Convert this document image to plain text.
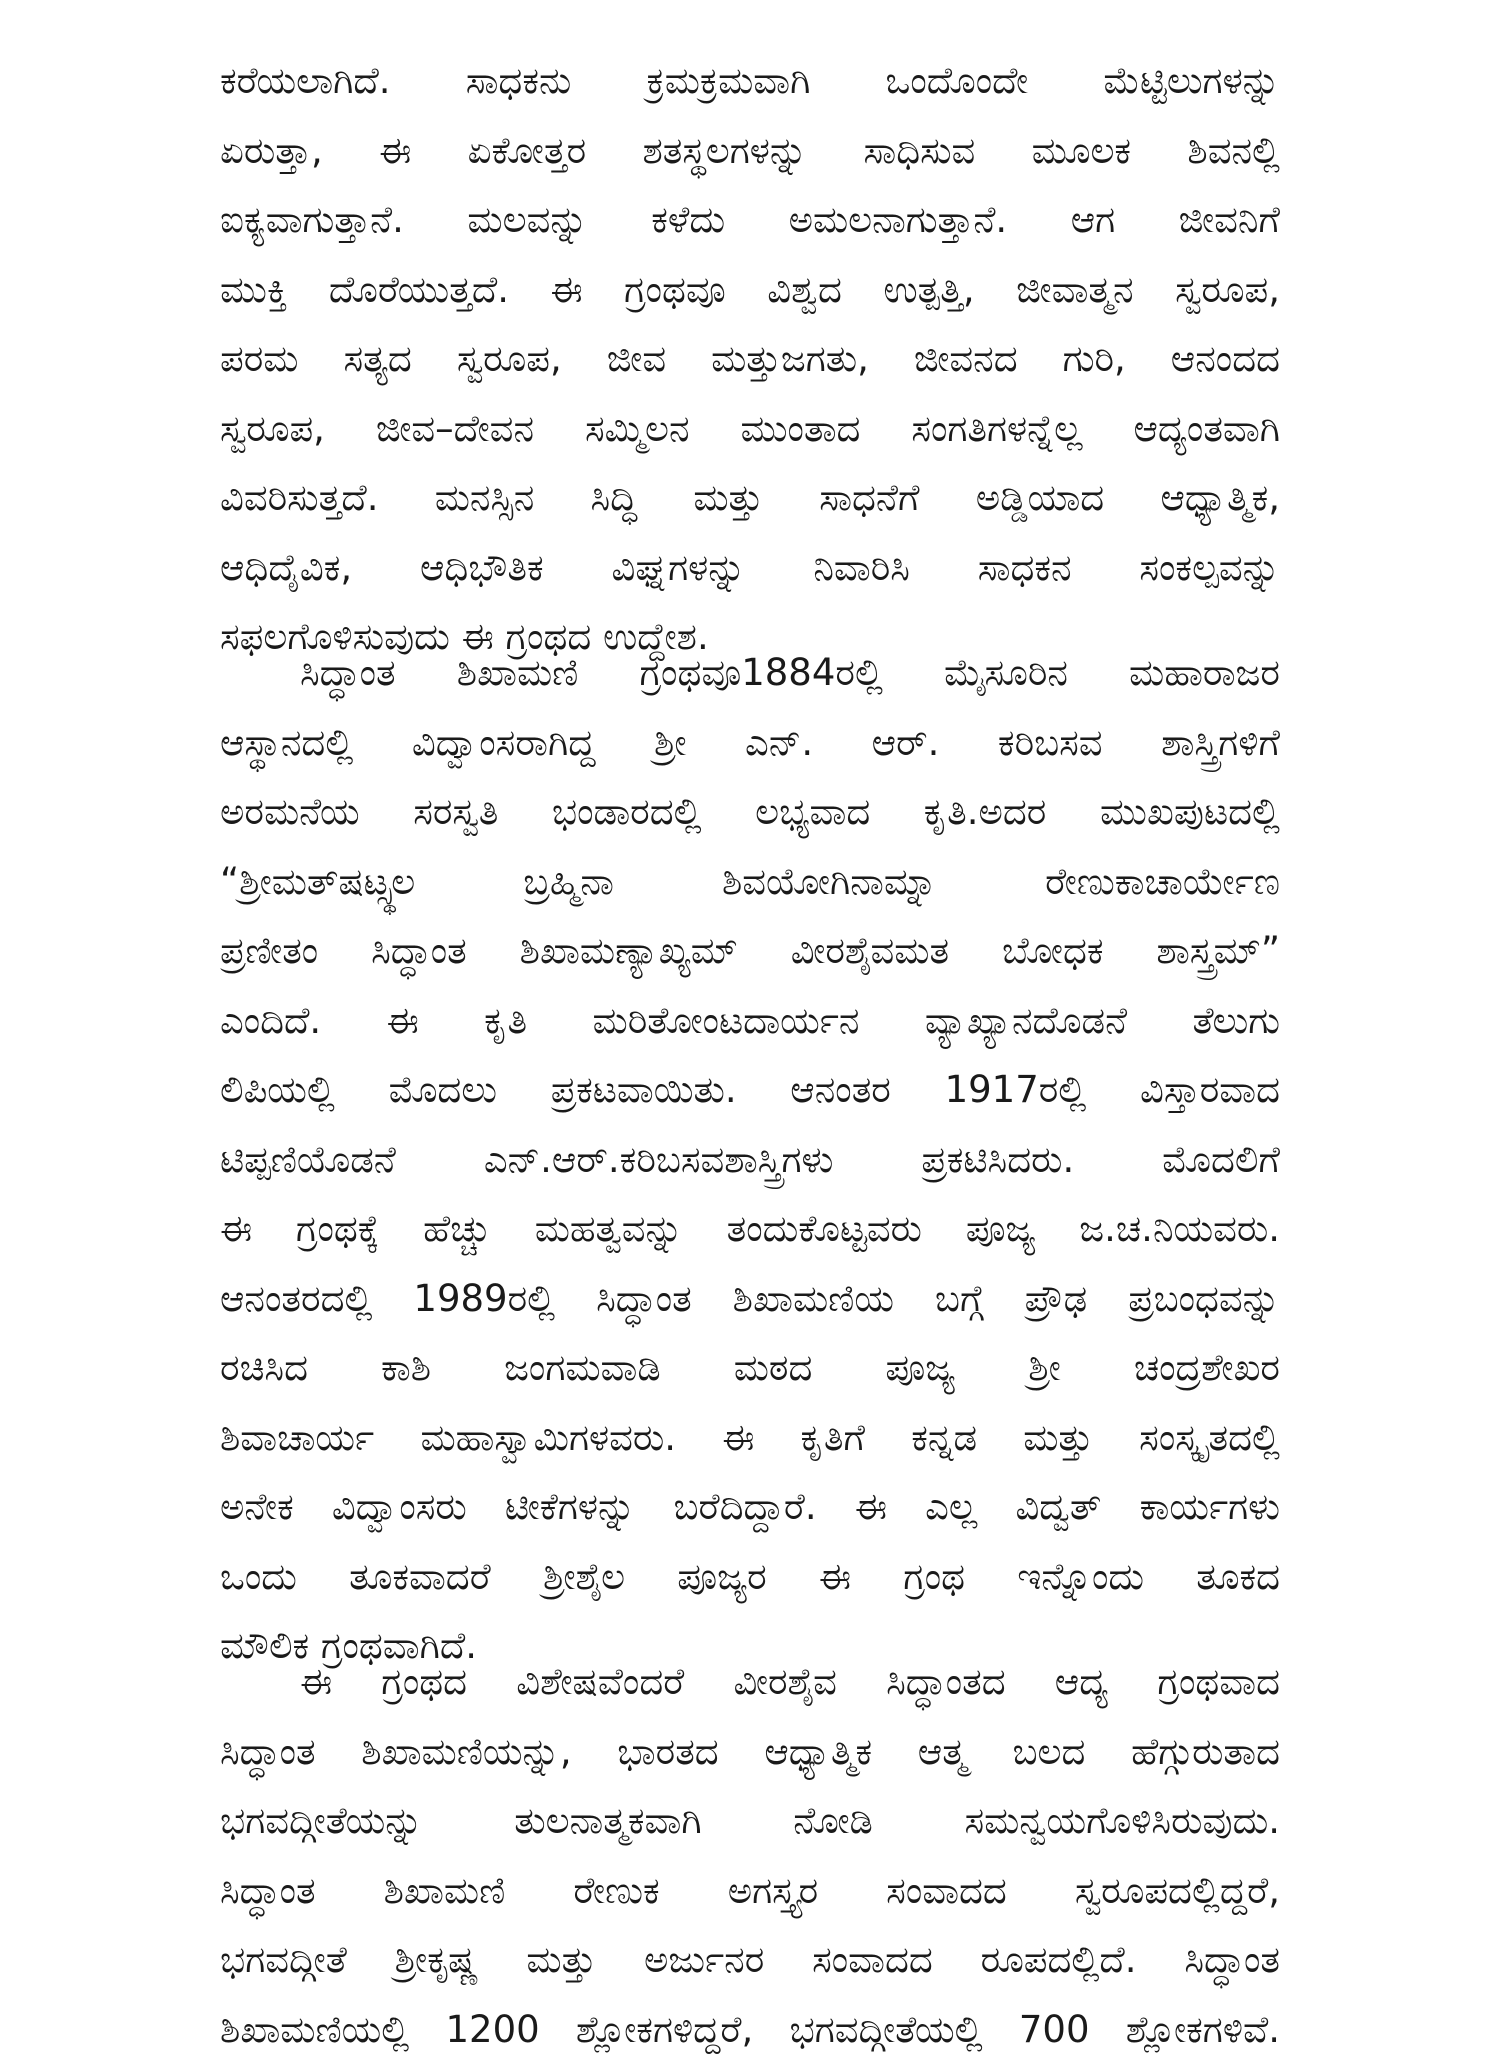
ಕರೆಯಲಾಗಿದೆ. ಸಾಧಕನು ಕ್ರಮಕ್ರಮವಾಗಿ ಒಂದೊಂದೇ ಮೆಟ್ಟಿಲುಗಳನ್ನು
ಏರುತ್ತಾ, ಈ ಏಕೋತ್ತರ ಶತಸ್ಥಲಗಳನ್ನು ಸಾಧಿಸುವ ಮೂಲಕ ಶಿವನಲ್ಲಿ
ಐಕ್ಯವಾಗುತ್ತಾನೆ. ಮಲವನ್ನು ಕಳೆದು ಅಮಲನಾಗುತ್ತಾನೆ. ಆಗ ಜೀವನಿಗೆ
ಮುಕ್ತಿ ದೊರೆಯುತ್ತದೆ. ಈ ಗ್ರಂಥವೂ ವಿಶ್ವದ ಉತ್ಪತ್ತಿ, ಜೀವಾತ್ಮನ ಸ್ವರೂಪ,
ಪರಮ ಸತ್ಯದ ಸ್ವರೂಪ, ಜೀವ ಮತ್ತುಜಗತು, ಜೀವನದ ಗುರಿ, ಆನಂದದ
ಸ್ವರೂಪ, ಜೀವ–ದೇವನ ಸಮ್ಮಿಲನ ಮುಂತಾದ ಸಂಗತಿಗಳನ್ನೆಲ್ಲ ಆದ್ಯಂತವಾಗಿ
ವಿವರಿಸುತ್ತದೆ. ಮನಸ್ಸಿನ ಸಿದ್ಧಿ ಮತ್ತು ಸಾಧನೆಗೆ ಅಡ್ಡಿಯಾದ ಆಧ್ಯಾತ್ಮಿಕ,
ಆಧಿದೈವಿಕ, ಆಧಿಭೌತಿಕ ವಿಘ್ನಗಳನ್ನು ನಿವಾರಿಸಿ ಸಾಧಕನ ಸಂಕಲ್ಪವನ್ನು
ಸಫಲಗೊಳಿಸುವುದು ಈ ಗ್ರಂಥದ ಉದ್ದೇಶ.
ಸಿದ್ಧಾಂತ ಶಿಖಾಮಣಿ ಗ್ರಂಥವೂ1884ರಲ್ಲಿ ಮೈಸೂರಿನ ಮಹಾರಾಜರ
ಆಸ್ಥಾನದಲ್ಲಿ ವಿದ್ವಾಂಸರಾಗಿದ್ದ ಶ್ರೀ ಎನ್. ಆರ್. ಕರಿಬಸವ ಶಾಸ್ತ್ರಿಗಳಿಗೆ
ಅರಮನೆಯ ಸರಸ್ವತಿ ಭಂಡಾರದಲ್ಲಿ ಲಭ್ಯವಾದ ಕೃತಿ.ಅದರ ಮುಖಪುಟದಲ್ಲಿ
“ಶ್ರೀಮತ್‌ಷಟ್ಸ್ಥಲ ಬ್ರಹ್ಮಿನಾ ಶಿವಯೋಗಿನಾಮ್ನಾ ರೇಣುಕಾಚಾರ್ಯೇಣ
ಪ್ರಣೀತಂ ಸಿದ್ಧಾಂತ ಶಿಖಾಮಣ್ಯಾಖ್ಯಮ್ ವೀರಶೈವಮತ ಬೋಧಕ ಶಾಸ್ತ್ರಮ್”
ಎಂದಿದೆ. ಈ ಕೃತಿ ಮರಿತೋಂಟದಾರ್ಯನ ವ್ಯಾಖ್ಯಾನದೊಡನೆ ತೆಲುಗು
ಲಿಪಿಯಲ್ಲಿ ಮೊದಲು ಪ್ರಕಟವಾಯಿತು. ಆನಂತರ 1917ರಲ್ಲಿ ವಿಸ್ತಾರವಾದ
ಟಿಪ್ಪಣಿಯೊಡನೆ ಎನ್.ಆರ್.ಕರಿಬಸವಶಾಸ್ತ್ರಿಗಳು ಪ್ರಕಟಿಸಿದರು. ಮೊದಲಿಗೆ
ಈ ಗ್ರಂಥಕ್ಕೆ ಹೆಚ್ಚು ಮಹತ್ವವನ್ನು ತಂದುಕೊಟ್ಟವರು ಪೂಜ್ಯ ಜ.ಚ.ನಿಯವರು.
ಆನಂತರದಲ್ಲಿ 1989ರಲ್ಲಿ ಸಿದ್ಧಾಂತ ಶಿಖಾಮಣಿಯ ಬಗ್ಗೆ ಪ್ರೌಢ ಪ್ರಬಂಧವನ್ನು
ರಚಿಸಿದ ಕಾಶಿ ಜಂಗಮವಾಡಿ ಮಠದ ಪೂಜ್ಯ ಶ್ರೀ ಚಂದ್ರಶೇಖರ
ಶಿವಾಚಾರ್ಯ ಮಹಾಸ್ವಾಮಿಗಳವರು. ಈ ಕೃತಿಗೆ ಕನ್ನಡ ಮತ್ತು ಸಂಸ್ಕೃತದಲ್ಲಿ
ಅನೇಕ ವಿದ್ವಾಂಸರು ಟೀಕೆಗಳನ್ನು ಬರೆದಿದ್ದಾರೆ. ಈ ಎಲ್ಲ ವಿದ್ವತ್ ಕಾರ್ಯಗಳು
ಒಂದು ತೂಕವಾದರೆ ಶ್ರೀಶೈಲ ಪೂಜ್ಯರ ಈ ಗ್ರಂಥ ಇನ್ನೊಂದು ತೂಕದ
ಮೌಲಿಕ ಗ್ರಂಥವಾಗಿದೆ.
ಈ ಗ್ರಂಥದ ವಿಶೇಷವೆಂದರೆ ವೀರಶೈವ ಸಿದ್ಧಾಂತದ ಆದ್ಯ ಗ್ರಂಥವಾದ
ಸಿದ್ಧಾಂತ ಶಿಖಾಮಣಿಯನ್ನು, ಭಾರತದ ಆಧ್ಯಾತ್ಮಿಕ ಆತ್ಮ ಬಲದ ಹೆಗ್ಗುರುತಾದ
ಭಗವದ್ಗೀತೆಯನ್ನು ತುಲನಾತ್ಮಕವಾಗಿ ನೋಡಿ ಸಮನ್ವಯಗೊಳಿಸಿರುವುದು.
ಸಿದ್ಧಾಂತ ಶಿಖಾಮಣಿ ರೇಣುಕ ಅಗಸ್ತ್ಯರ ಸಂವಾದದ ಸ್ವರೂಪದಲ್ಲಿದ್ದರೆ,
ಭಗವದ್ಗೀತೆ ಶ್ರೀಕೃಷ್ಣ ಮತ್ತು ಅರ್ಜುನರ ಸಂವಾದದ ರೂಪದಲ್ಲಿದೆ. ಸಿದ್ಧಾಂತ
ಶಿಖಾಮಣಿಯಲ್ಲಿ 1200 ಶ್ಲೋಕಗಳಿದ್ದರೆ, ಭಗವದ್ಗೀತೆಯಲ್ಲಿ 700 ಶ್ಲೋಕಗಳಿವೆ.
